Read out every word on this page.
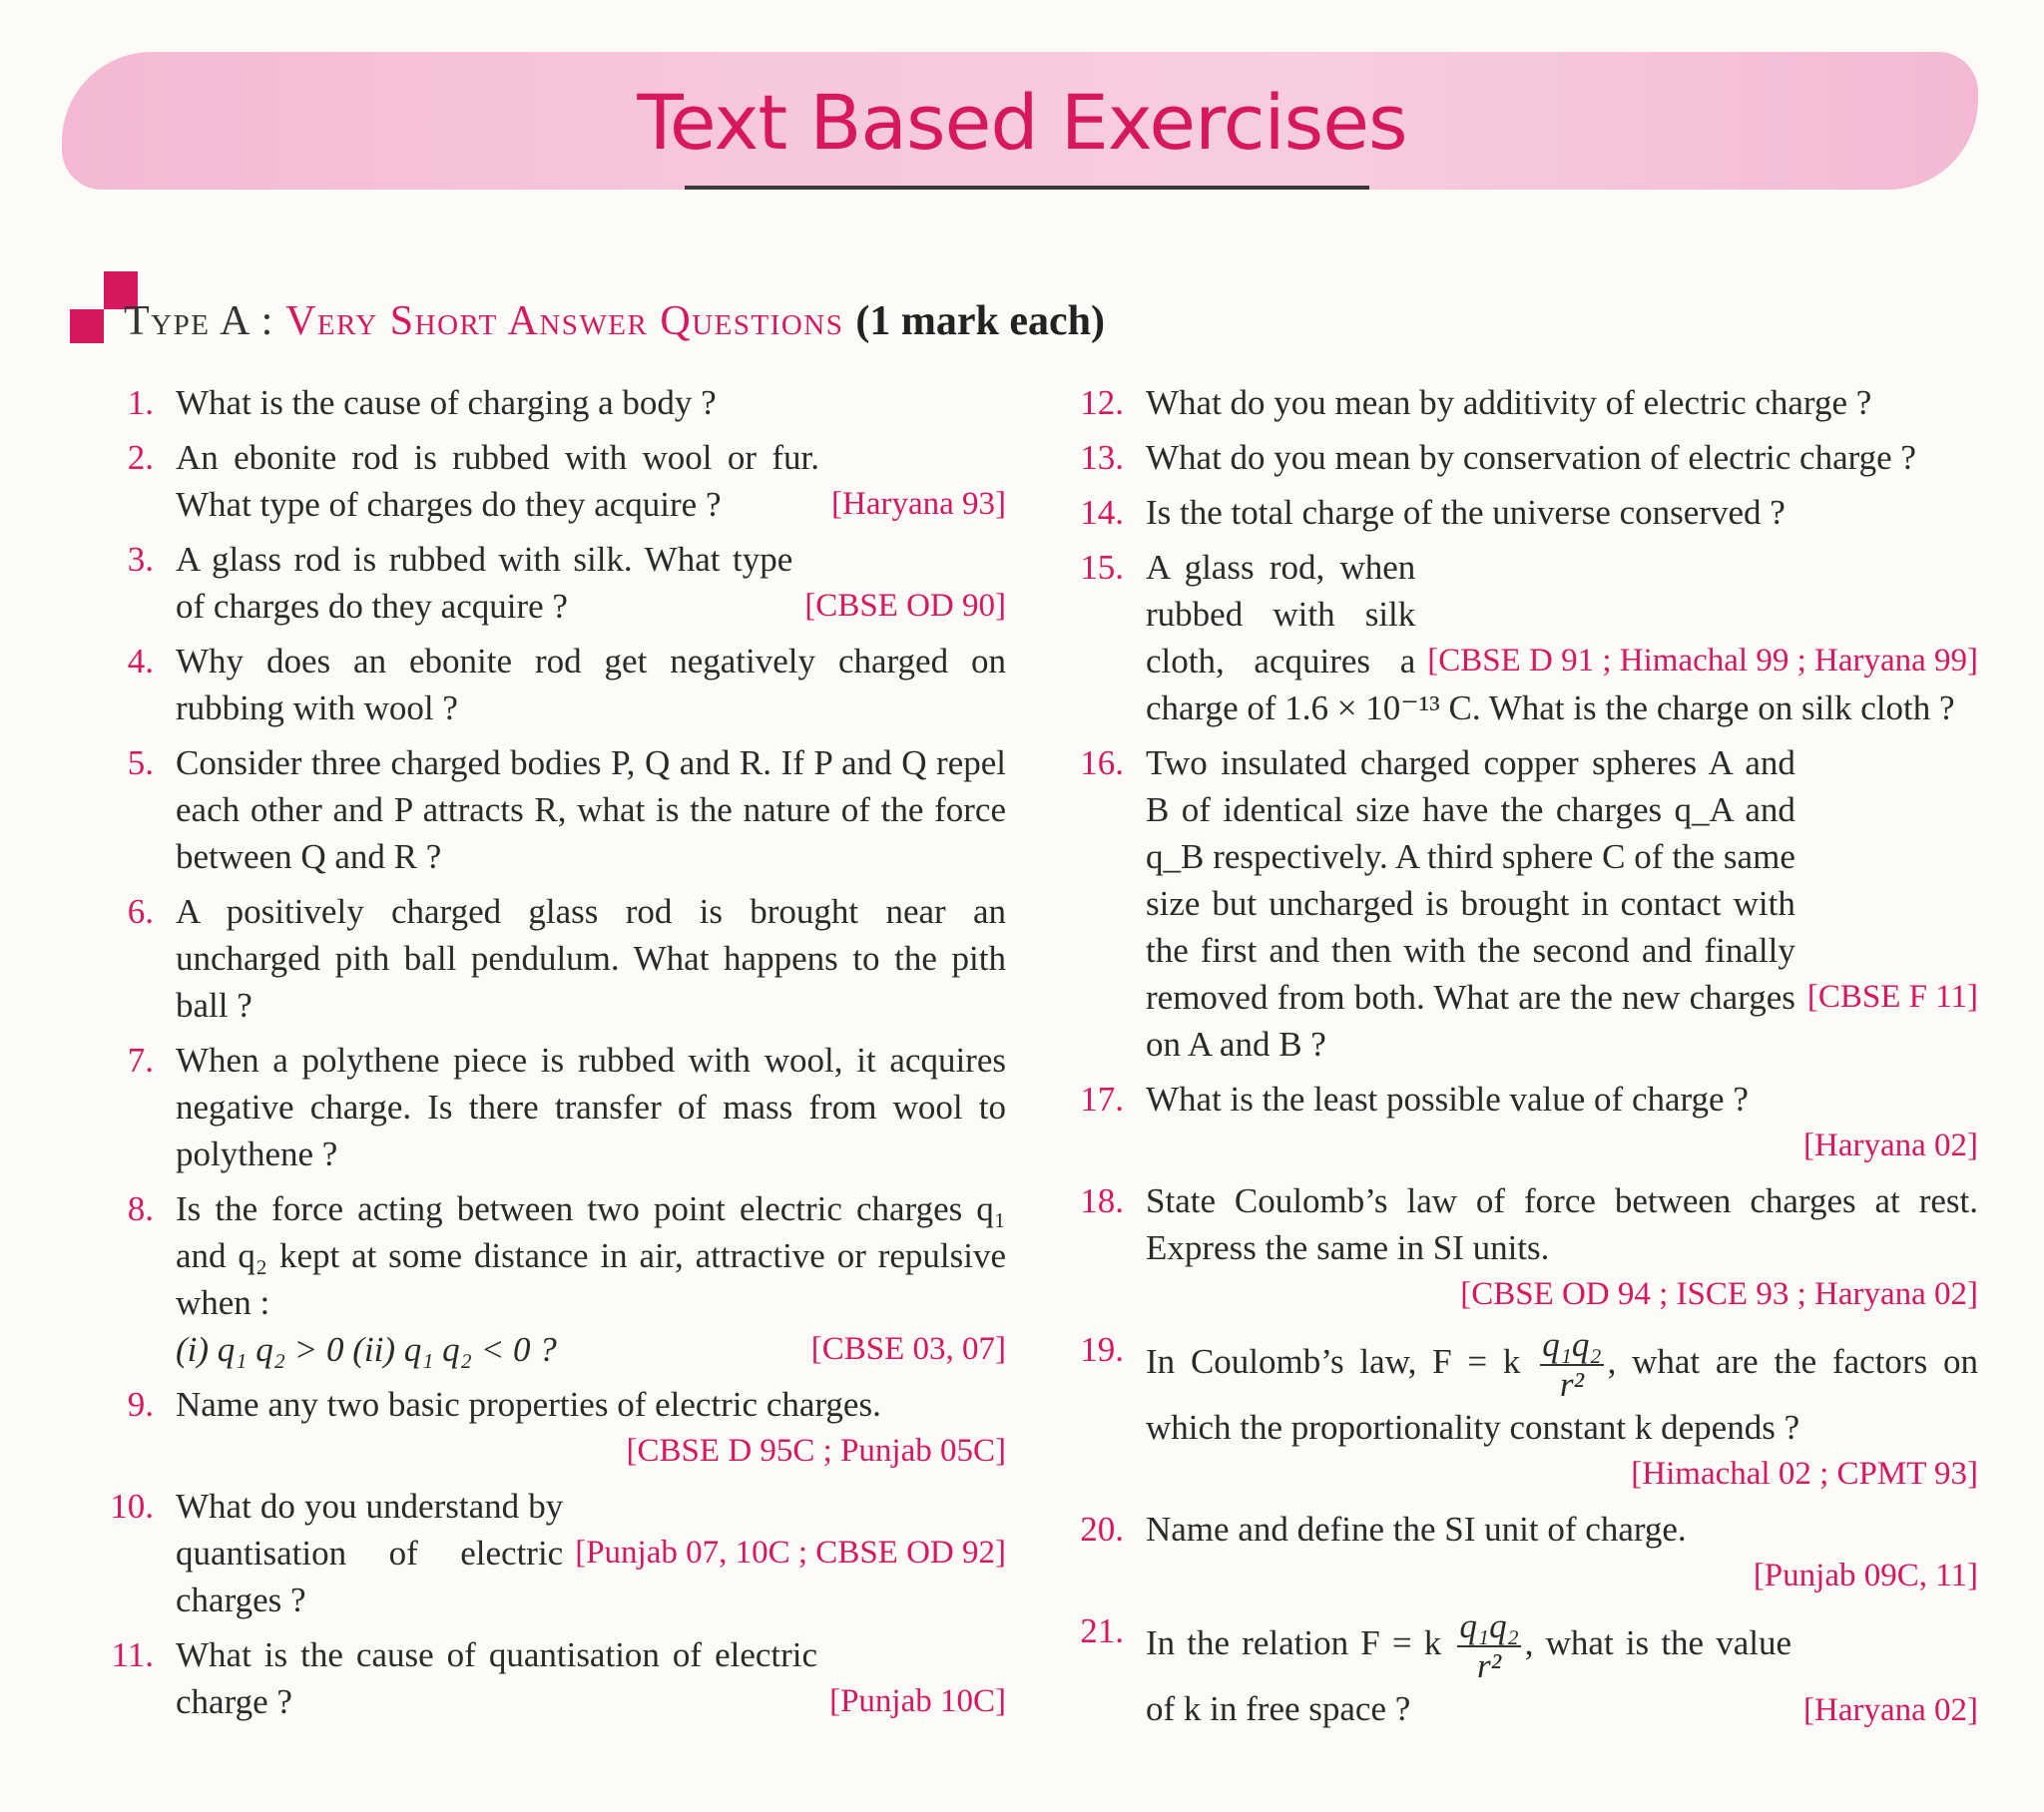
Text Based Exercises
Type A : Very Short Answer Questions (1 mark each)
1. What is the cause of charging a body ?
2.
[Haryana 93]
An ebonite rod is rubbed with wool or fur. What type of charges do they acquire ?
3.
[CBSE OD 90]
A glass rod is rubbed with silk. What type of charges do they acquire ?
4. Why does an ebonite rod get negatively charged on rubbing with wool ?
5. Consider three charged bodies P, Q and R. If P and Q repel each other and P attracts R, what is the nature of the force between Q and R ?
6. A positively charged glass rod is brought near an uncharged pith ball pendulum. What happens to the pith ball ?
7. When a polythene piece is rubbed with wool, it acquires negative charge. Is there transfer of mass from wool to polythene ?
8. Is the force acting between two point electric charges q₁ and q₂ kept at some distance in air, attractive or repulsive when :
[CBSE 03, 07]
(i) q₁ q₂ > 0 (ii) q₁ q₂ < 0 ?
9. Name any two basic properties of electric charges.
[CBSE D 95C ; Punjab 05C]
10.
[Punjab 07, 10C ; CBSE OD 92]
What do you understand by quantisation of electric charges ?
11.
[Punjab 10C]
What is the cause of quantisation of electric charge ?
12. What do you mean by additivity of electric charge ?
13. What do you mean by conservation of electric charge ?
14. Is the total charge of the universe conserved ?
15.
[CBSE D 91 ; Himachal 99 ; Haryana 99]
A glass rod, when rubbed with silk cloth, acquires a charge of 1.6 × 10⁻¹³ C. What is the charge on silk cloth ?
16.
[CBSE F 11]
Two insulated charged copper spheres A and B of identical size have the charges q_A and q_B respectively. A third sphere C of the same size but uncharged is brought in contact with the first and then with the second and finally removed from both. What are the new charges on A and B ?
17. What is the least possible value of charge ?
[Haryana 02]
18. State Coulomb’s law of force between charges at rest. Express the same in SI units.
[CBSE OD 94 ; ISCE 93 ; Haryana 02]
19. In Coulomb’s law, F = k $\frac{\text{q₁q₂}}{\text{r²}}$ , what are the factors on which the proportionality constant k depends ?
[Himachal 02 ; CPMT 93]
20. Name and define the SI unit of charge.
[Punjab 09C, 11]
21.
[Haryana 02]
In the relation F = k $\frac{\text{q₁q₂}}{\text{r²}}$ , what is the value of k in free space ?
